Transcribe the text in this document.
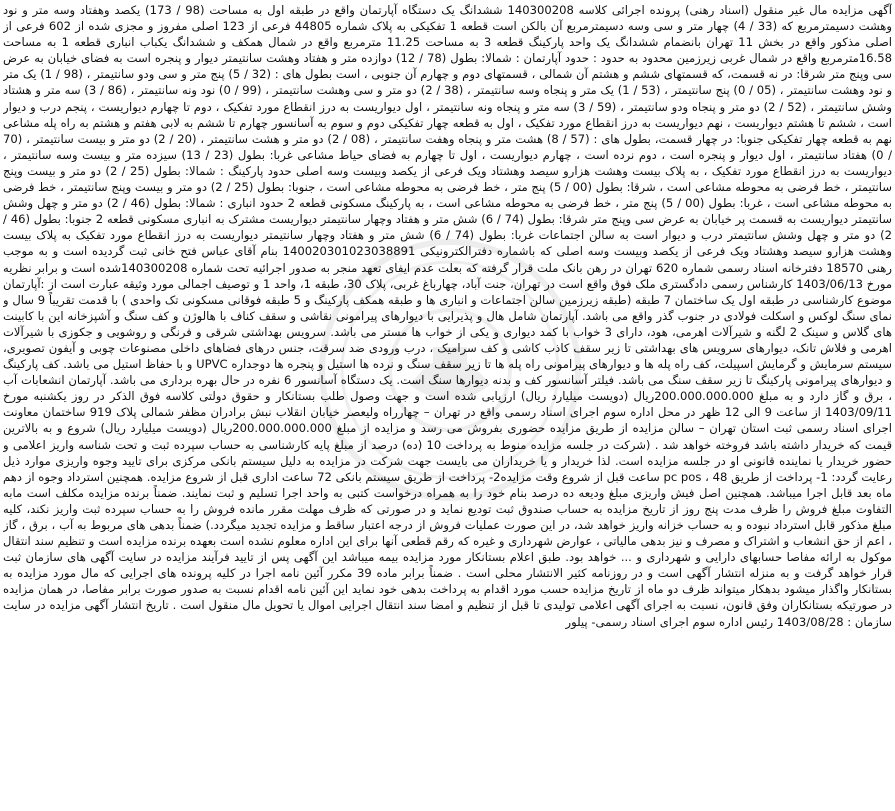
آگهی مزایده مال غیر منقول (اسناد رهنی) پرونده اجرائی کلاسه 140300208 ششدانگ یک دستگاه آپارتمان واقع در طبقه اول به مساحت (98 / 173) یکصد وهفتاد وسه متر و نود وهشت دسیمترمربع که (33 / 4) چهار متر و سی وسه دسیمترمربع آن بالکن است قطعه 1 تفکیکی به پلاک شماره 44805 فرعی از 123 اصلی مفروز و مجزی شده از 602 فرعی از اصلی مذکور واقع در بخش 11 تهران بانضمام ششدانگ یک واحد پارکینگ قطعه 3 به مساحت 11.25 مترمربع واقع در شمال همکف و ششدانگ یکباب انباری قطعه 1 به مساحت 16.58مترمربع واقع در شمال غربی زیرزمین محدود به حدود : حدود آپارتمان : شمالا: بطول (78 / 12) دوازده متر و هفتاد وهشت سانتیمتر دیوار و پنجره است به فضای خیابان به عرض سی وپنج متر شرقا: در نه قسمت، که قسمتهای ششم و هشتم آن شمالی ، قسمتهای دوم و چهارم آن جنوبی ، است بطول های : (32 / 5) پنج متر و سی ودو سانتیمتر ، (98 / 1) یک متر و نود وهشت سانتیمتر ، (05 / 0) پنج سانتیمتر ، (53 / 1) یک متر و پنجاه وسه سانتیمتر ، (38 / 2) دو متر و سی وهشت سانتیمتر ، (99 / 0) نود ونه سانتیمتر ، (86 / 3) سه متر و هشتاد وشش سانتیمتر ، (52 / 2) دو متر و پنجاه ودو سانتیمتر ، (59 / 3) سه متر و پنجاه ونه سانتیمتر ، اول دیواریست به درز انقطاع مورد تفکیک ، دوم تا چهارم دیواریست ، پنجم درب و دیوار است ، ششم تا هشتم دیواریست ، نهم دیواریست به درز انقطاع مورد تفکیک ، اول به قطعه چهار تفکیکی دوم و سوم به آسانسور چهارم تا ششم به لابی هفتم و هشتم به راه پله مشاعی نهم به قطعه چهار تفکیکی جنوبا: در چهار قسمت، بطول های : (57 / 8) هشت متر و پنجاه وهفت سانتیمتر ، (08 / 2) دو متر و هشت سانتیمتر ، (20 / 2) دو متر و بیست سانتیمتر ، (70 / 0) هفتاد سانتیمتر ، اول دیوار و پنجره است ، دوم نرده است ، چهارم دیواریست ، اول تا چهارم به فضای حیاط مشاعی غربا: بطول (23 / 13) سیزده متر و بیست وسه سانتیمتر ، دیواریست به درز انقطاع مورد تفکیک ، به پلاک بیست وهشت هزارو سیصد وهشتاد ویک فرعی از یکصد وبیست وسه اصلی حدود پارکینگ : شمالا: بطول (25 / 2) دو متر و بیست وپنج سانتیمتر ، خط فرضی به محوطه مشاعی است ، شرقا: بطول (00 / 5) پنج متر ، خط فرضی به محوطه مشاعی است ، جنوبا: بطول (25 / 2) دو متر و بیست وپنج سانتیمتر ، خط فرضی به محوطه مشاعی است ، غربا: بطول (00 / 5) پنج متر ، خط فرضی به محوطه مشاعی است ، به پارکینگ مسکونی قطعه 2 حدود انباری : شمالا: بطول (46 / 2) دو متر و چهل وشش سانتیمتر دیواریست به قسمت پر خیابان به عرض سی وپنج متر شرقا: بطول (74 / 6) شش متر و هفتاد وچهار سانتیمتر دیواریست مشترک به انباری مسکونی قطعه 2 جنوبا: بطول (46 / 2) دو متر و چهل وشش سانتیمتر درب و دیوار است به سالن اجتماعات غربا: بطول (74 / 6) شش متر و هفتاد وچهار سانتیمتر دیواریست به درز انقطاع مورد تفکیک به پلاک بیست وهشت هزارو سیصد وهشتاد ویک فرعی از یکصد وبیست وسه اصلی که باشماره دفترالکترونیکی 140020301023038891 بنام آقای عباس فتح خانی ثبت گردیده است و به موجب رهنی 18570 دفترخانه اسناد رسمی شماره 620 تهران در رهن بانک ملت قرار گرفته که بعلت عدم ایفای تعهد منجر به صدور اجرائیه تحت شماره 140300208شده است و برابر نظریه مورخ 1403/06/13 کارشناس رسمی دادگستری ملک فوق واقع است در تهران، جنت آباد، چهارباغ غربی، پلاک 30، طبقه 1، واحد 1 و توصیف اجمالی مورد وثیقه عبارت است از :آپارتمان موضوع کارشناسی در طبقه اول یک ساختمان 7 طبقه (طبقه زیرزمین سالن اجتماعات و انباری ها و طبقه همکف پارکینگ و 5 طبقه فوقانی مسکونی تک واحدی ) با قدمت تقریباً 9 سال و نمای سنگ لوکس و اسکلت فولادی در جنوب گذر واقع می باشد. آپارتمان شامل هال و پذیرایی با دیوارهای پیرامونی نقاشی و سقف کناف با هالوژن و کف سنگ و آشپزخانه این با کابینت های گلاس و سینک 2 لگنه و شیرآلات اهرمی، هود، دارای 3 خواب با کمد دیواری و یکی از خواب ها مستر می باشد. سرویس بهداشتی شرقی و فرنگی و روشویی و جکوزی با شیرآلات اهرمی و فلاش تانک، دیوارهای سرویس های بهداشتی تا زیر سقف کاذب کاشی و کف سرامیک ، درب ورودی ضد سرقت، جنس درهای فضاهای داخلی مصنوعات چوبی و آیفون تصویری، سیستم سرمایش و گرمایش اسپیلت، کف راه پله ها و دیوارهای پیرامونی راه پله ها تا زیر سقف سنگ و نرده ها استیل و پنجره ها دوجداره UPVC و با حفاظ استیل می باشد. کف پارکینگ و دیوارهای پیرامونی پارکینگ تا زیر سقف سنگ می باشد. فیلتر آسانسور کف و بدنه دیوارها سنگ است. یک دستگاه آسانسور 6 نفره در حال بهره برداری می باشد. آپارتمان انشعابات آب ، برق و گاز دارد و به مبلغ 200.000.000.000ریال (دویست میلیارد ریال) ارزیابی شده است و جهت وصول طلب بستانکار و حقوق دولتی کلاسه فوق الذکر در روز یکشنبه مورخ 1403/09/11 از ساعت 9 الی 12 ظهر در محل اداره سوم اجرای اسناد رسمی واقع در تهران – چهارراه ولیعصر خیابان انقلاب نبش برادران مظفر شمالی پلاک 919 ساختمان معاونت اجرای اسناد رسمی ثبت استان تهران – سالن مزایده از طریق مزایده حضوری بفروش می رسد و مزایده از مبلغ 200.000.000.000ریال (دویست میلیارد ریال) شروع و به بالاترین قیمت که خریدار داشته باشد فروخته خواهد شد . (شرکت در جلسه مزایده منوط به پرداخت 10 (ده) درصد از مبلغ پایه کارشناسی به حساب سپرده ثبت و تحت شناسه واریز اعلامی و حضور خریدار یا نماینده قانونی او در جلسه مزایده است. لذا خریدار و یا خریداران می بایست جهت شرکت در مزایده به دلیل سیستم بانکی مرکزی برای تایید وجوه واریزی موارد ذیل رعایت گردد: 1- پرداخت از طریق pc pos ، 48 ساعت قبل از شروع وقت مزایده2- پرداخت از طریق سیستم بانکی 72 ساعت اداری قبل از شروع مزایده. همچنین استرداد وجوه از دهم ماه بعد قابل اجرا میباشد. همچنین اصل فیش واریزی مبلغ ودیعه ده درصد بنام خود را به همراه درخواست کتبی به واحد اجرا تسلیم و ثبت نمایند. ضمناً برنده مزایده مکلف است مابه التفاوت مبلغ فروش را ظرف مدت پنج روز از تاریخ مزایده به حساب صندوق ثبت تودیع نماید و در صورتی که ظرف مهلت مقرر مانده فروش را به حساب سپرده ثبت واریز نکند، کلیه مبلغ مذکور قابل استرداد نبوده و به حساب خزانه واریز خواهد شد، در این صورت عملیات فروش از درجه اعتبار ساقط و مزایده تجدید میگردد.) ضمناً بدهی های مربوط به آب ، برق ، گاز ، اعم از حق انشعاب و اشتراک و مصرف و نیز بدهی مالیاتی ، عوارض شهرداری و غیره که رقم قطعی آنها برای این اداره معلوم نشده است بعهده برنده مزایده است و تنظیم سند انتقال موکول به ارائه مفاصا حسابهای دارایی و شهرداری و ... خواهد بود. طبق اعلام بستانکار مورد مزایده بیمه میباشد این آگهی پس از تایید فرآیند مزایده در سایت آگهی های سازمان ثبت قرار خواهد گرفت و به منزله انتشار آگهی است و در روزنامه کثیر الانتشار محلی است . ضمناً برابر ماده 39 مکرر آئین نامه اجرا در کلیه پرونده های اجرایی که مال مورد مزایده به بستانکار واگذار میشود بدهکار میتواند ظرف دو ماه از تاریخ مزایده حسب مورد اقدام به پرداخت بدهی خود نماید این آئین نامه اقدام نسبت به صدور صورت برابر مفاصا، در همان مزایده در صورتیکه بستانکاران وفق قانون، نسبت به اجرای آگهی اعلامی تولیدی تا قبل از تنظیم و امضا سند انتقال اجرایی اموال یا تحویل مال منقول است . تاریخ انتشار آگهی مزایده در سایت سازمان : 1403/08/28 رئیس اداره سوم اجرای اسناد رسمی-

پیلور
